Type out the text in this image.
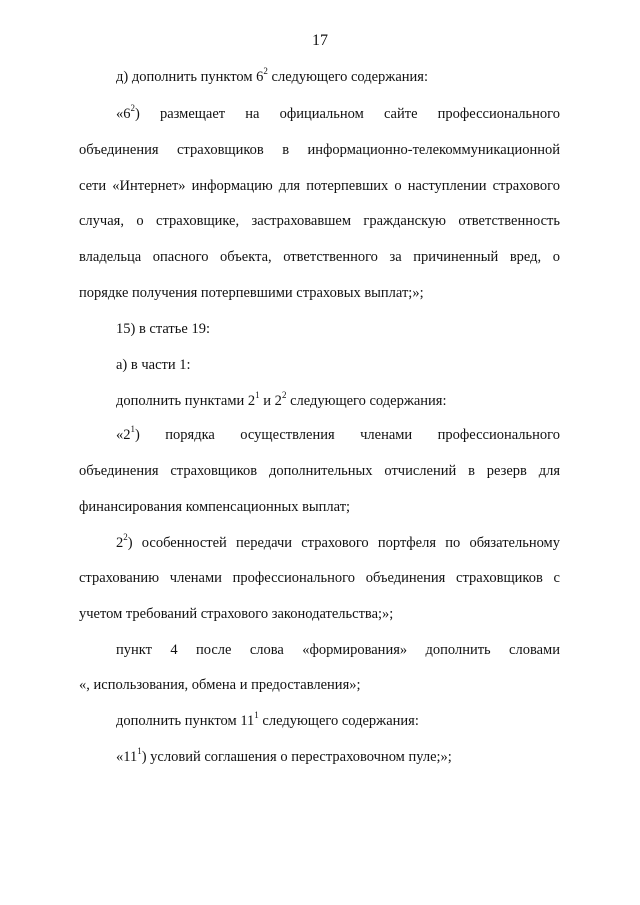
17
д) дополнить пунктом $6^2$ следующего содержания:
«$6^2$) размещает на официальном сайте профессионального
объединения страховщиков в информационно-телекоммуникационной
сети «Интернет» информацию для потерпевших о наступлении страхового
случая, о страховщике, застраховавшем гражданскую ответственность
владельца опасного объекта, ответственного за причиненный вред, о
порядке получения потерпевшими страховых выплат;»;
15) в статье 19:
а) в части 1:
дополнить пунктами $2^1$ и $2^2$ следующего содержания:
«$2^1$) порядка осуществления членами профессионального
объединения страховщиков дополнительных отчислений в резерв для
финансирования компенсационных выплат;
$2^2$) особенностей передачи страхового портфеля по обязательному
страхованию членами профессионального объединения страховщиков с
учетом требований страхового законодательства;»;
пункт 4 после слова «формирования» дополнить словами
«, использования, обмена и предоставления»;
дополнить пунктом $11^1$ следующего содержания:
«$11^1$) условий соглашения о перестраховочном пуле;»;
